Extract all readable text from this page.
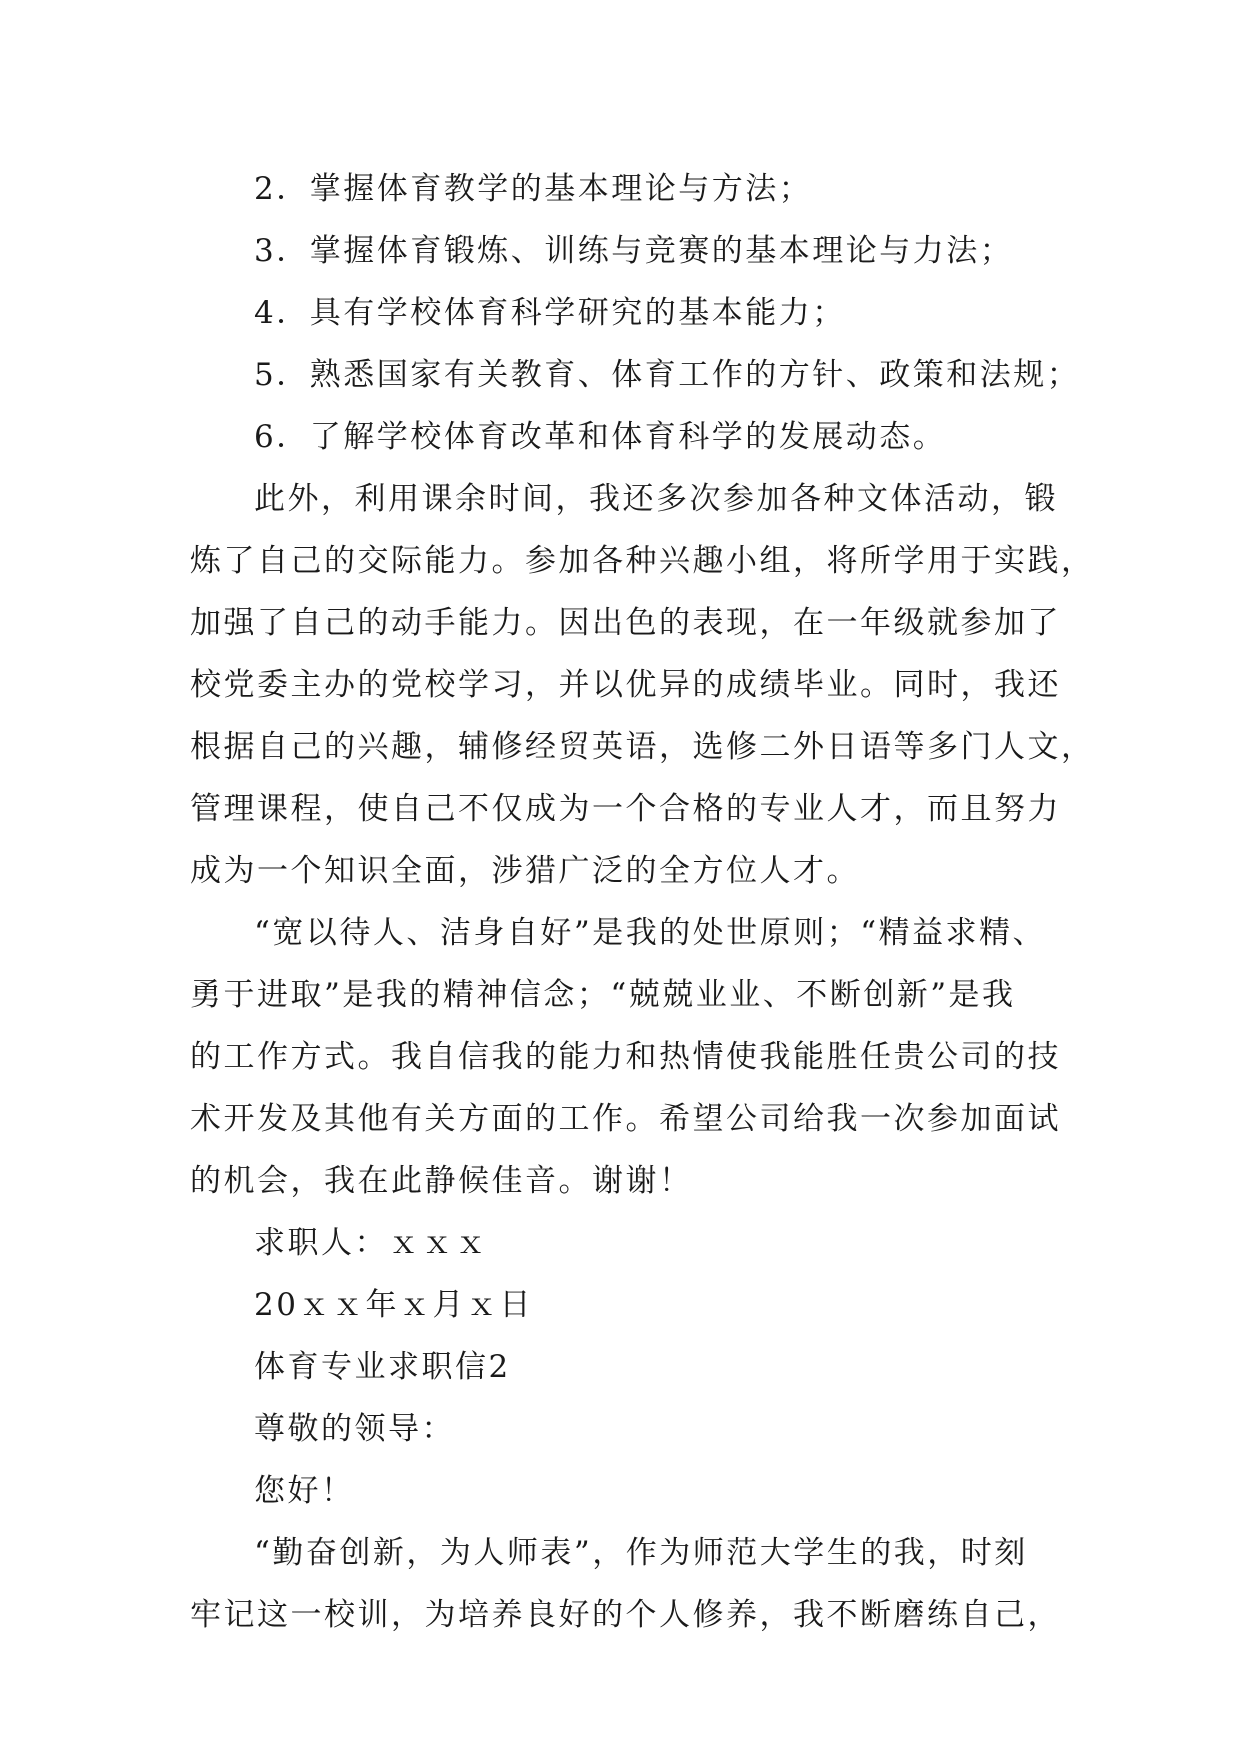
2．掌握体育教学的基本理论与方法；

3．掌握体育锻炼、训练与竞赛的基本理论与力法；

4．具有学校体育科学研究的基本能力；

5．熟悉国家有关教育、体育工作的方针、政策和法规；

6．了解学校体育改革和体育科学的发展动态。

此外，利用课余时间，我还多次参加各种文体活动，锻
炼了自己的交际能力。参加各种兴趣小组，将所学用于实践，
加强了自己的动手能力。因出色的表现，在一年级就参加了
校党委主办的党校学习，并以优异的成绩毕业。同时，我还
根据自己的兴趣，辅修经贸英语，选修二外日语等多门人文，
管理课程，使自己不仅成为一个合格的专业人才，而且努力
成为一个知识全面，涉猎广泛的全方位人才。
“宽以待人、洁身自好”是我的处世原则；“精益求精、
勇于进取”是我的精神信念；“兢兢业业、不断创新”是我
的工作方式。我自信我的能力和热情使我能胜任贵公司的技
术开发及其他有关方面的工作。希望公司给我一次参加面试
的机会，我在此静候佳音。谢谢！

求职人：ｘｘｘ

20ｘｘ年ｘ月ｘ日

体育专业求职信2

尊敬的领导：

您好！

“勤奋创新，为人师表”，作为师范大学生的我，时刻
牢记这一校训，为培养良好的个人修养，我不断磨练自己，
